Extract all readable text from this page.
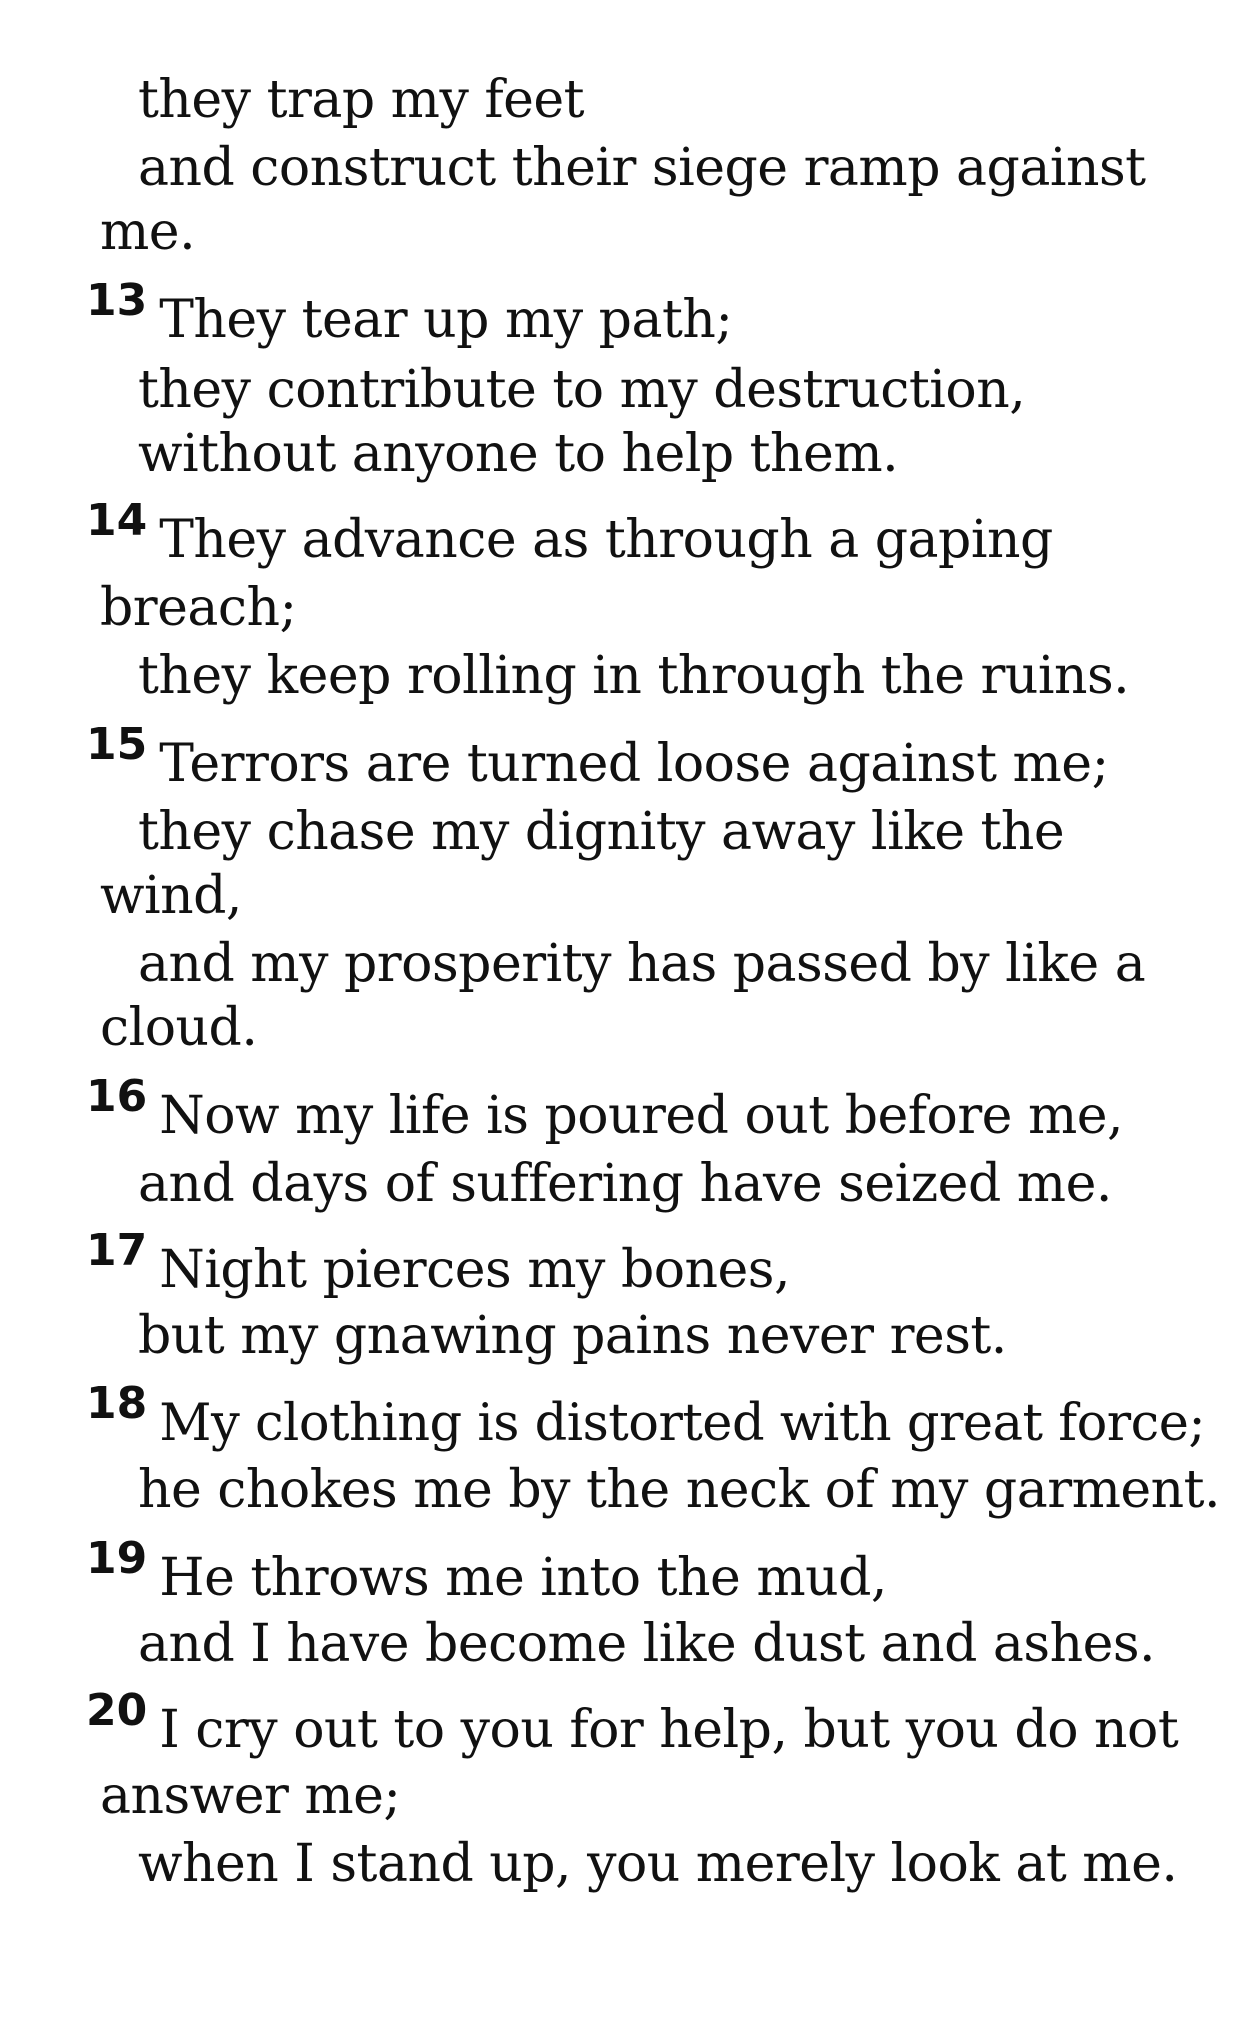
they trap my feet
and construct their siege ramp against
me.
$^{13}$ They tear up my path;
they contribute to my destruction,
without anyone to help them.
$^{14}$ They advance as through a gaping
breach;
they keep rolling in through the ruins.
$^{15}$ Terrors are turned loose against me;
they chase my dignity away like the
wind,
and my prosperity has passed by like a
cloud.
$^{16}$ Now my life is poured out before me,
and days of suffering have seized me.
$^{17}$ Night pierces my bones,
but my gnawing pains never rest.
18 My clothing is distorted with great force;
he chokes me by the neck of my garment.
$^{19}$ He throws me into the mud,
and I have become like dust and ashes.
$^{20}$ I cry out to you for help, but you do not
answer me;
when I stand up, you merely look at me.
